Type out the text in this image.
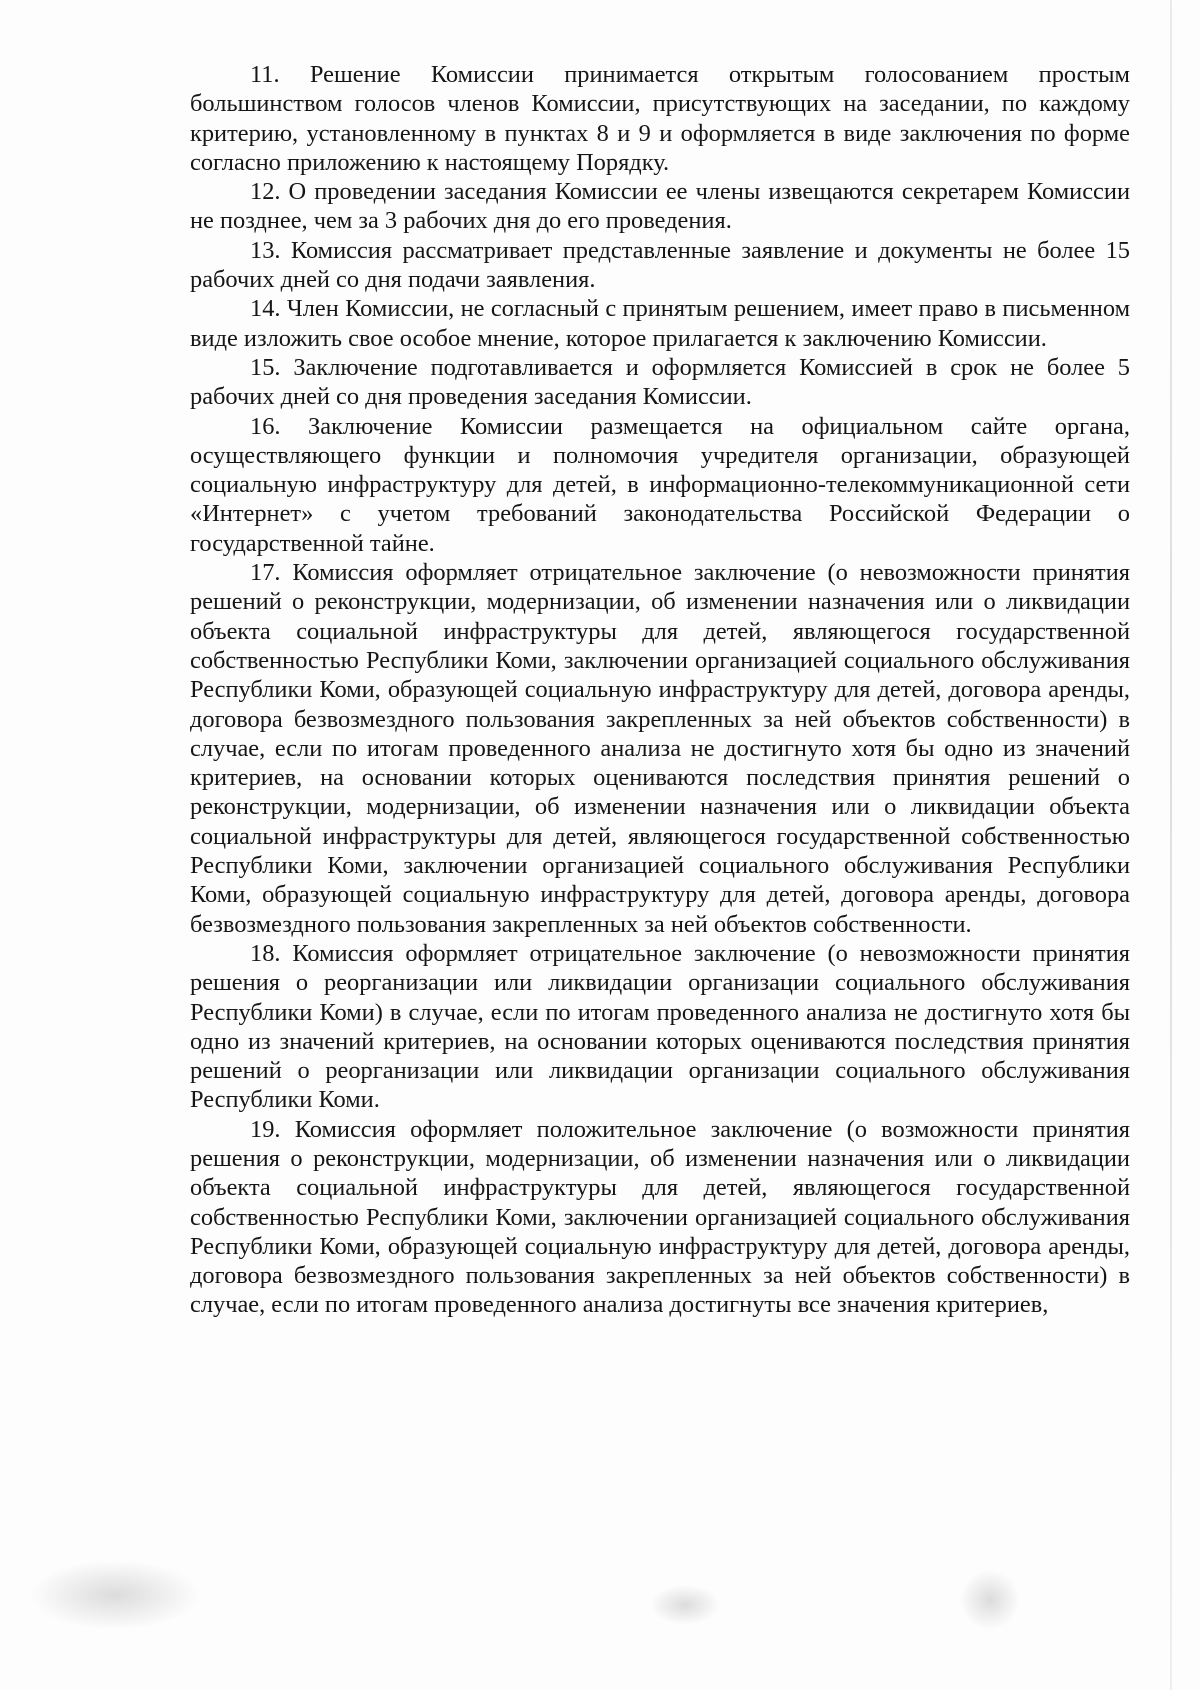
11. Решение Комиссии принимается открытым голосованием простым большинством голосов членов Комиссии, присутствующих на заседании, по каждому критерию, установленному в пунктах 8 и 9 и оформляется в виде заключения по форме согласно приложению к настоящему Порядку.

12. О проведении заседания Комиссии ее члены извещаются секретарем Комиссии не позднее, чем за 3 рабочих дня до его проведения.

13. Комиссия рассматривает представленные заявление и документы не более 15 рабочих дней со дня подачи заявления.

14. Член Комиссии, не согласный с принятым решением, имеет право в письменном виде изложить свое особое мнение, которое прилагается к заключению Комиссии.

15. Заключение подготавливается и оформляется Комиссией в срок не более 5 рабочих дней со дня проведения заседания Комиссии.

16. Заключение Комиссии размещается на официальном сайте органа, осуществляющего функции и полномочия учредителя организации, образующей социальную инфраструктуру для детей, в информационно-телекоммуникационной сети «Интернет» с учетом требований законодательства Российской Федерации о государственной тайне.

17. Комиссия оформляет отрицательное заключение (о невозможности принятия решений о реконструкции, модернизации, об изменении назначения или о ликвидации объекта социальной инфраструктуры для детей, являющегося государственной собственностью Республики Коми, заключении организацией социального обслуживания Республики Коми, образующей социальную инфраструктуру для детей, договора аренды, договора безвозмездного пользования закрепленных за ней объектов собственности) в случае, если по итогам проведенного анализа не достигнуто хотя бы одно из значений критериев, на основании которых оцениваются последствия принятия решений о реконструкции, модернизации, об изменении назначения или о ликвидации объекта социальной инфраструктуры для детей, являющегося государственной собственностью Республики Коми, заключении организацией социального обслуживания Республики Коми, образующей социальную инфраструктуру для детей, договора аренды, договора безвозмездного пользования закрепленных за ней объектов собственности.

18. Комиссия оформляет отрицательное заключение (о невозможности принятия решения о реорганизации или ликвидации организации социального обслуживания Республики Коми) в случае, если по итогам проведенного анализа не достигнуто хотя бы одно из значений критериев, на основании которых оцениваются последствия принятия решений о реорганизации или ликвидации организации социального обслуживания Республики Коми.

19. Комиссия оформляет положительное заключение (о возможности принятия решения о реконструкции, модернизации, об изменении назначения или о ликвидации объекта социальной инфраструктуры для детей, являющегося государственной собственностью Республики Коми, заключении организацией социального обслуживания Республики Коми, образующей социальную инфраструктуру для детей, договора аренды, договора безвозмездного пользования закрепленных за ней объектов собственности) в случае, если по итогам проведенного анализа достигнуты все значения критериев,
